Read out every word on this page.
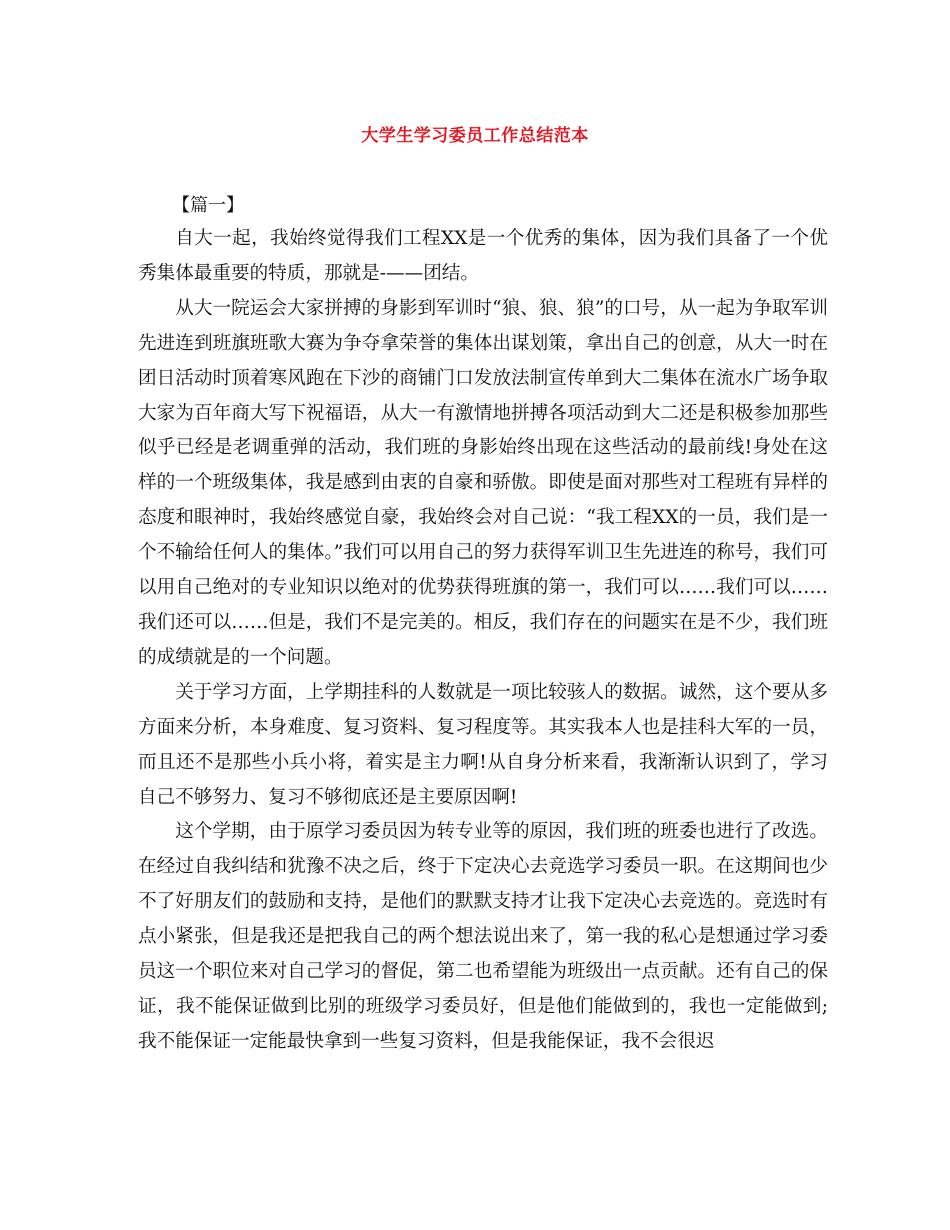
大学生学习委员工作总结范本
【篇一】

自大一起，我始终觉得我们工程XX是一个优秀的集体，因为我们具备了一个优秀集体最重要的特质，那就是-——团结。

从大一院运会大家拼搏的身影到军训时“狼、狼、狼”的口号，从一起为争取军训先进连到班旗班歌大赛为争夺拿荣誉的集体出谋划策，拿出自己的创意，从大一时在团日活动时顶着寒风跑在下沙的商铺门口发放法制宣传单到大二集体在流水广场争取大家为百年商大写下祝福语，从大一有激情地拼搏各项活动到大二还是积极参加那些似乎已经是老调重弹的活动，我们班的身影始终出现在这些活动的最前线!身处在这样的一个班级集体，我是感到由衷的自豪和骄傲。即使是面对那些对工程班有异样的态度和眼神时，我始终感觉自豪，我始终会对自己说：“我工程XX的一员，我们是一个不输给任何人的集体。”我们可以用自己的努力获得军训卫生先进连的称号，我们可以用自己绝对的专业知识以绝对的优势获得班旗的第一，我们可以……我们可以……我们还可以……但是，我们不是完美的。相反，我们存在的问题实在是不少，我们班的成绩就是的一个问题。

关于学习方面，上学期挂科的人数就是一项比较骇人的数据。诚然，这个要从多方面来分析，本身难度、复习资料、复习程度等。其实我本人也是挂科大军的一员，而且还不是那些小兵小将，着实是主力啊!从自身分析来看，我渐渐认识到了，学习自己不够努力、复习不够彻底还是主要原因啊!

这个学期，由于原学习委员因为转专业等的原因，我们班的班委也进行了改选。在经过自我纠结和犹豫不决之后，终于下定决心去竞选学习委员一职。在这期间也少不了好朋友们的鼓励和支持，是他们的默默支持才让我下定决心去竞选的。竞选时有点小紧张，但是我还是把我自己的两个想法说出来了，第一我的私心是想通过学习委员这一个职位来对自己学习的督促，第二也希望能为班级出一点贡献。还有自己的保证，我不能保证做到比别的班级学习委员好，但是他们能做到的，我也一定能做到;我不能保证一定能最快拿到一些复习资料，但是我能保证，我不会很迟
